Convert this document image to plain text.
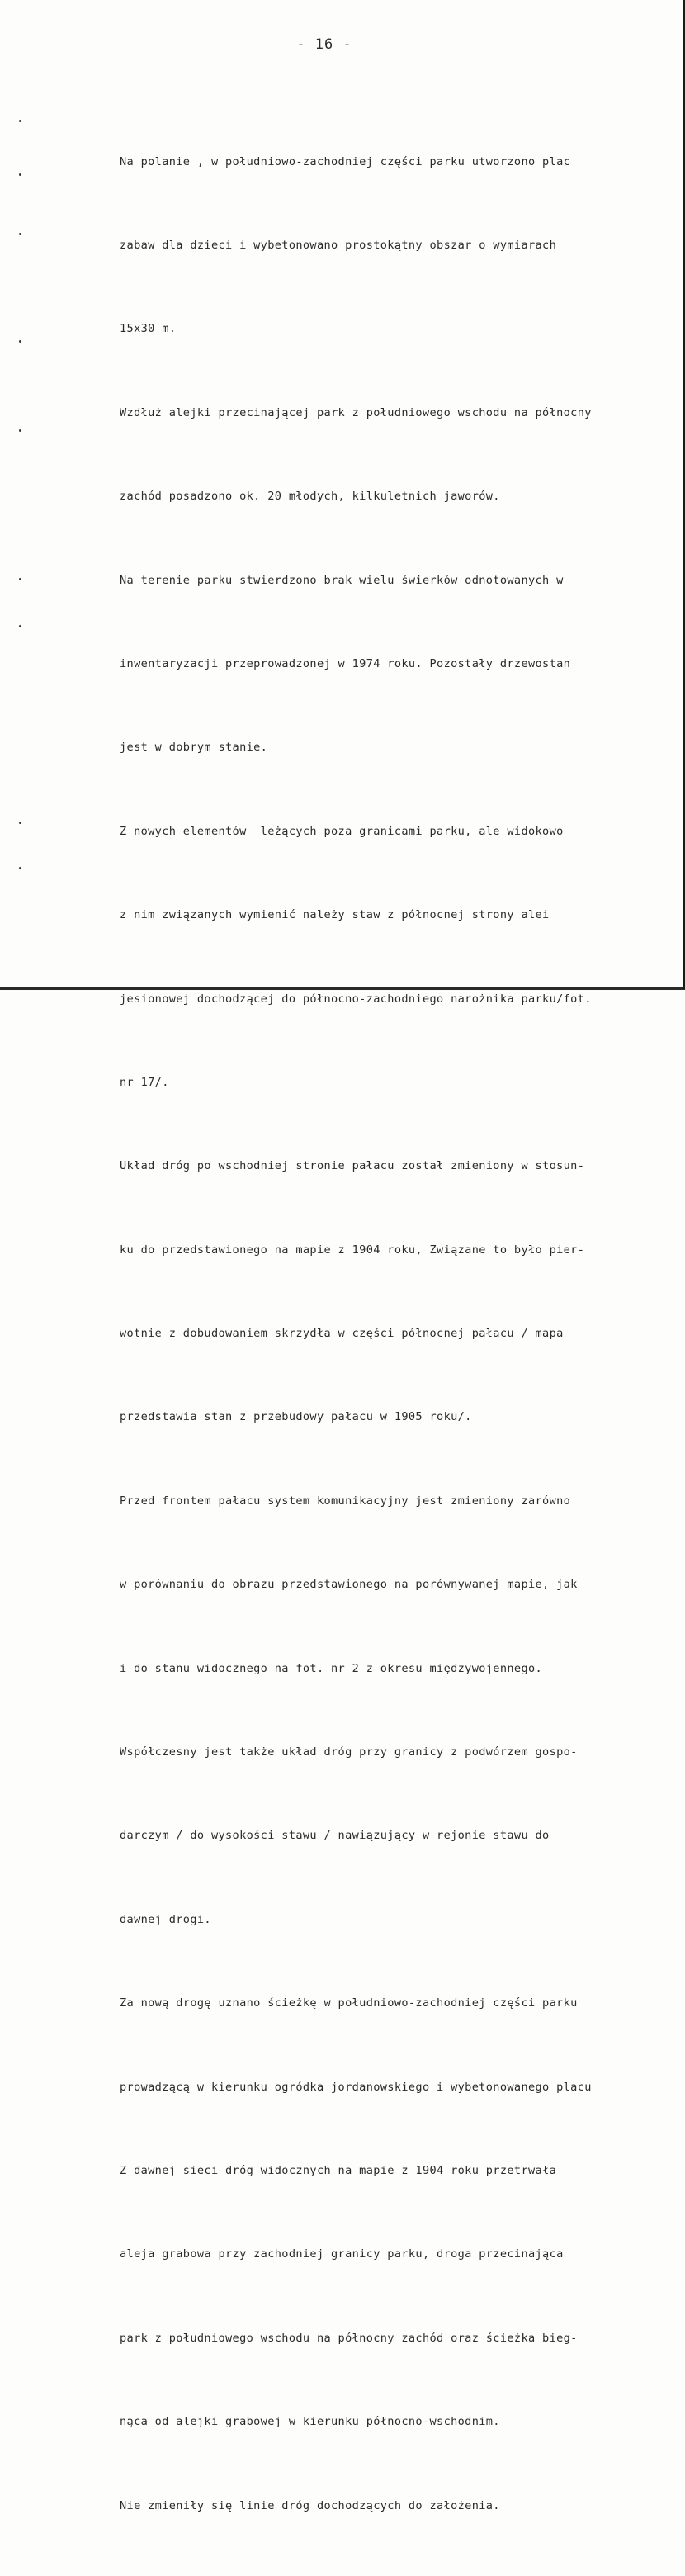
- 16 -

Na polanie , w południowo-zachodniej części parku utworzono plac

zabaw dla dzieci i wybetonowano prostokątny obszar o wymiarach

15x30 m.

Wzdłuż alejki przecinającej park z południowego wschodu na północny

zachód posadzono ok. 20 młodych, kilkuletnich jaworów.

Na terenie parku stwierdzono brak wielu świerków odnotowanych w

inwentaryzacji przeprowadzonej w 1974 roku. Pozostały drzewostan

jest w dobrym stanie.

Z nowych elementów  leżących poza granicami parku, ale widokowo

z nim związanych wymienić należy staw z północnej strony alei

jesionowej dochodzącej do północno-zachodniego narożnika parku/fot.

nr 17/.

Układ dróg po wschodniej stronie pałacu został zmieniony w stosun-

ku do przedstawionego na mapie z 1904 roku, Związane to było pier-

wotnie z dobudowaniem skrzydła w części północnej pałacu / mapa

przedstawia stan z przebudowy pałacu w 1905 roku/.

Przed frontem pałacu system komunikacyjny jest zmieniony zarówno

w porównaniu do obrazu przedstawionego na porównywanej mapie, jak

i do stanu widocznego na fot. nr 2 z okresu międzywojennego.

Współczesny jest także układ dróg przy granicy z podwórzem gospo-

darczym / do wysokości stawu / nawiązujący w rejonie stawu do

dawnej drogi.

Za nową drogę uznano ścieżkę w południowo-zachodniej części parku

prowadzącą w kierunku ogródka jordanowskiego i wybetonowanego placu

Z dawnej sieci dróg widocznych na mapie z 1904 roku przetrwała

aleja grabowa przy zachodniej granicy parku, droga przecinająca

park z południowego wschodu na północny zachód oraz ścieżka bieg-

nąca od alejki grabowej w kierunku północno-wschodnim.

Nie zmieniły się linie dróg dochodzących do założenia.
